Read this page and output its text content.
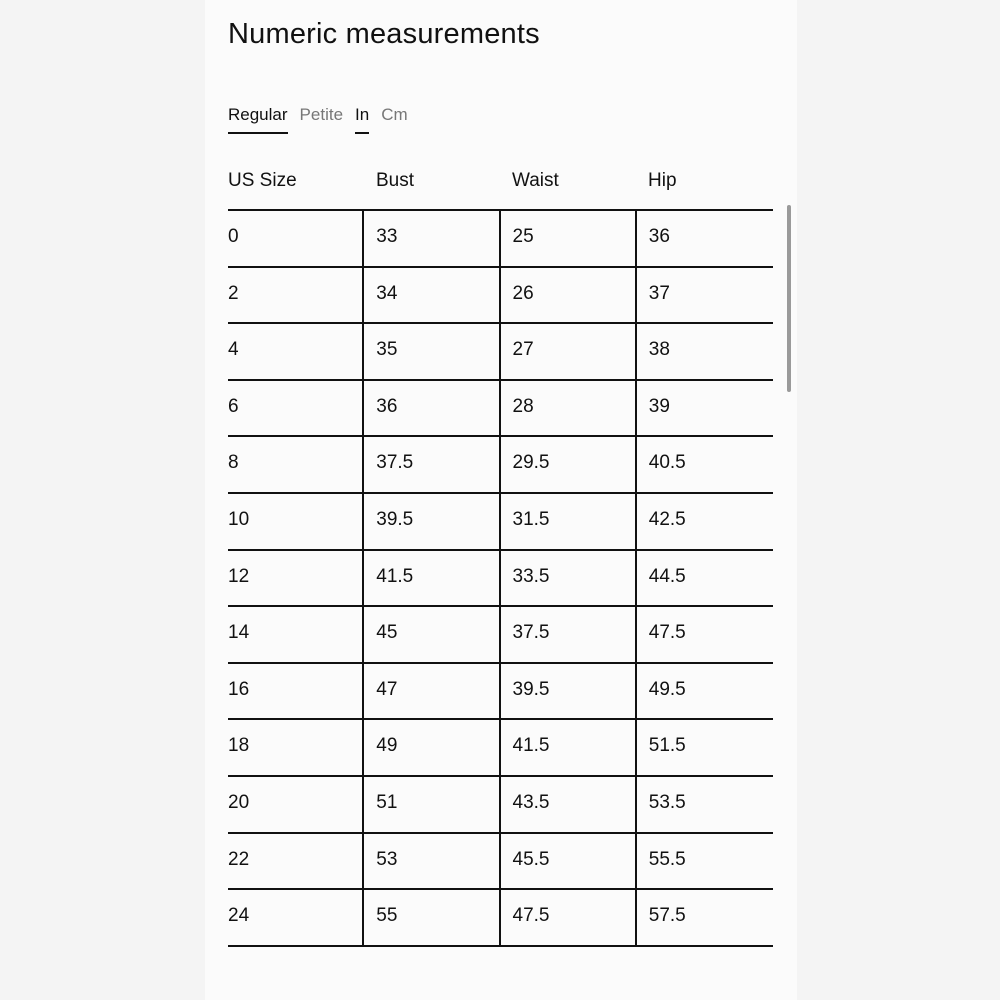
Numeric measurements
Regular Petite In Cm
US Size	Bust	Waist	Hip
0	33	25	36
2	34	26	37
4	35	27	38
6	36	28	39
8	37.5	29.5	40.5
10	39.5	31.5	42.5
12	41.5	33.5	44.5
14	45	37.5	47.5
16	47	39.5	49.5
18	49	41.5	51.5
20	51	43.5	53.5
22	53	45.5	55.5
24	55	47.5	57.5
